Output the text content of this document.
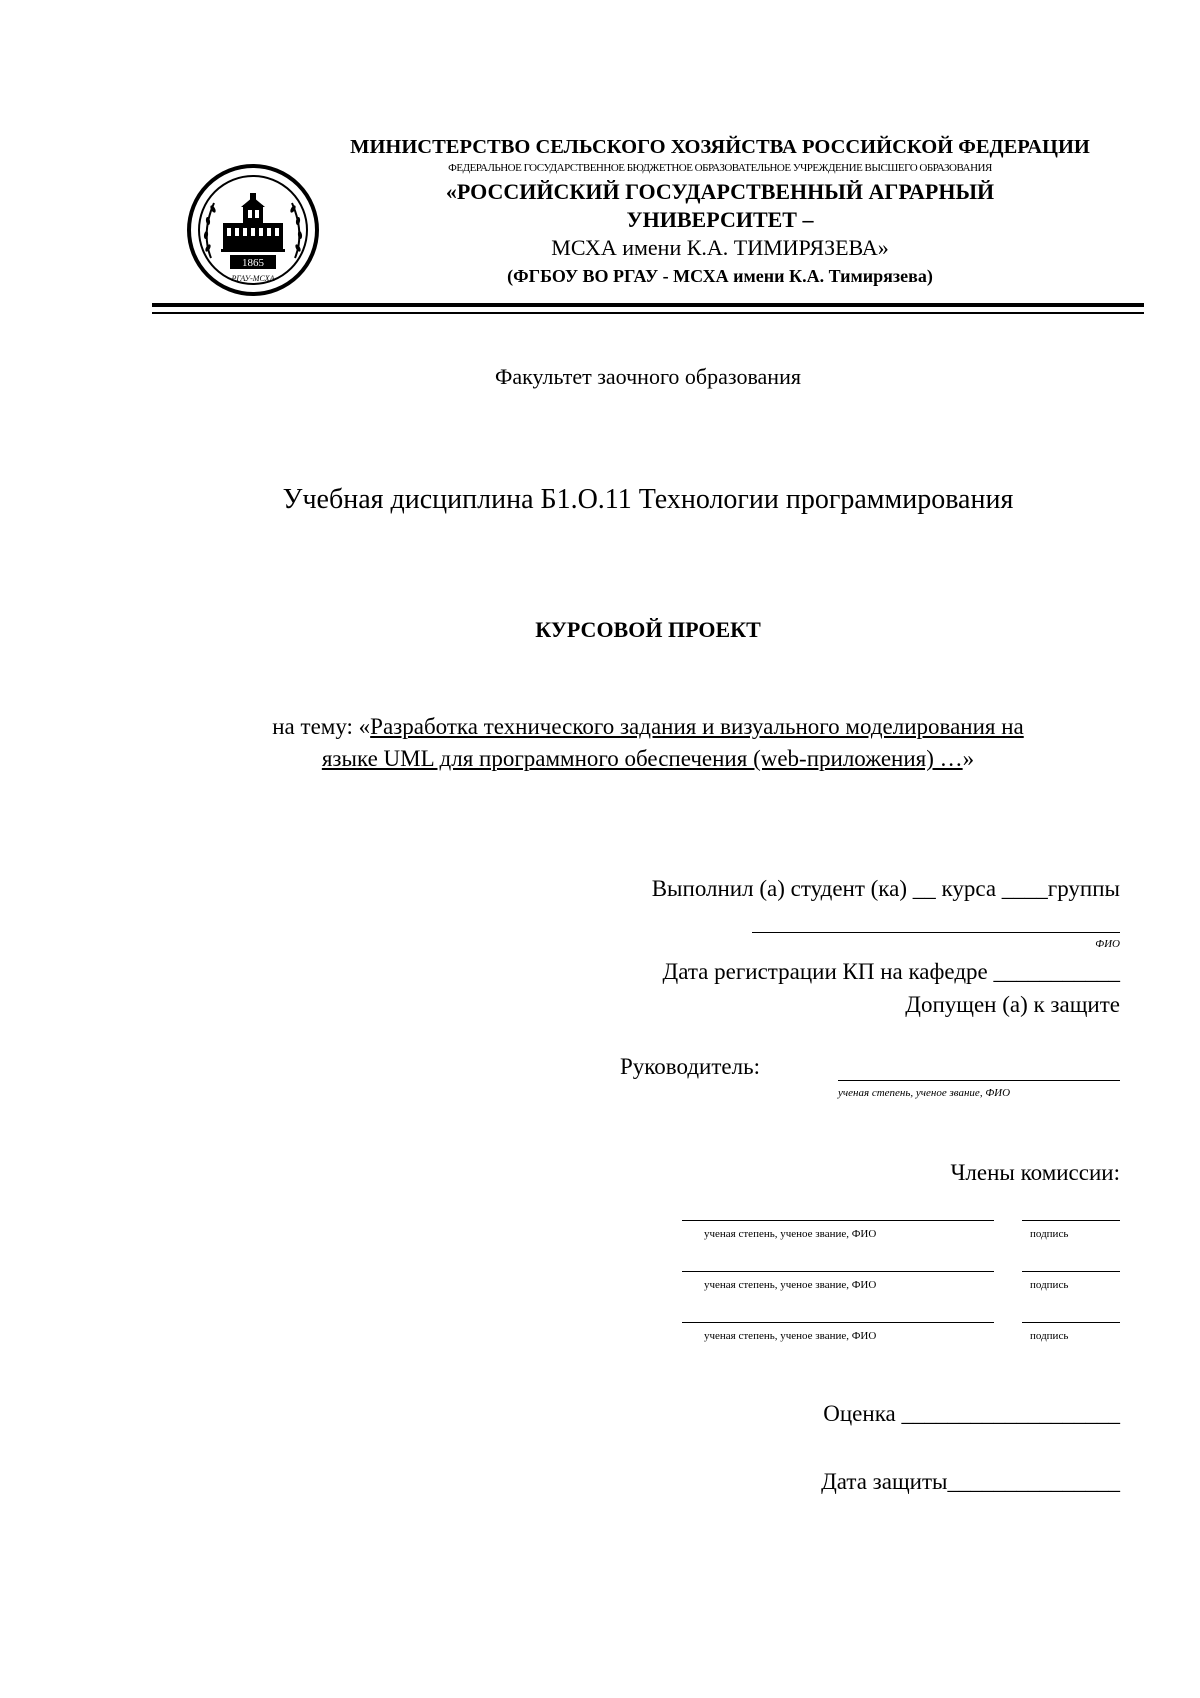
1865
РГАУ-МСХА
МИНИСТЕРСТВО СЕЛЬСКОГО ХОЗЯЙСТВА РОССИЙСКОЙ ФЕДЕРАЦИИ
ФЕДЕРАЛЬНОЕ ГОСУДАРСТВЕННОЕ БЮДЖЕТНОЕ ОБРАЗОВАТЕЛЬНОЕ УЧРЕЖДЕНИЕ ВЫСШЕГО ОБРАЗОВАНИЯ
«РОССИЙСКИЙ ГОСУДАРСТВЕННЫЙ АГРАРНЫЙ
УНИВЕРСИТЕТ –
МСХА имени К.А. ТИМИРЯЗЕВА»
(ФГБОУ ВО РГАУ - МСХА имени К.А. Тимирязева)
Факультет заочного образования
Учебная дисциплина Б1.О.11 Технологии программирования
КУРСОВОЙ ПРОЕКТ
на тему: «Разработка технического задания и визуального моделирования на
языке UML для программного обеспечения (web-приложения) …»
Выполнил (а) студент (ка) __ курса ____группы
ФИО
Дата регистрации КП на кафедре ___________
Допущен (а) к защите
Руководитель:
ученая степень, ученое звание, ФИО
Члены комиссии:
ученая степень, ученое звание, ФИО	подпись
ученая степень, ученое звание, ФИО	подпись
ученая степень, ученое звание, ФИО	подпись
Оценка ___________________
Дата защиты_______________
